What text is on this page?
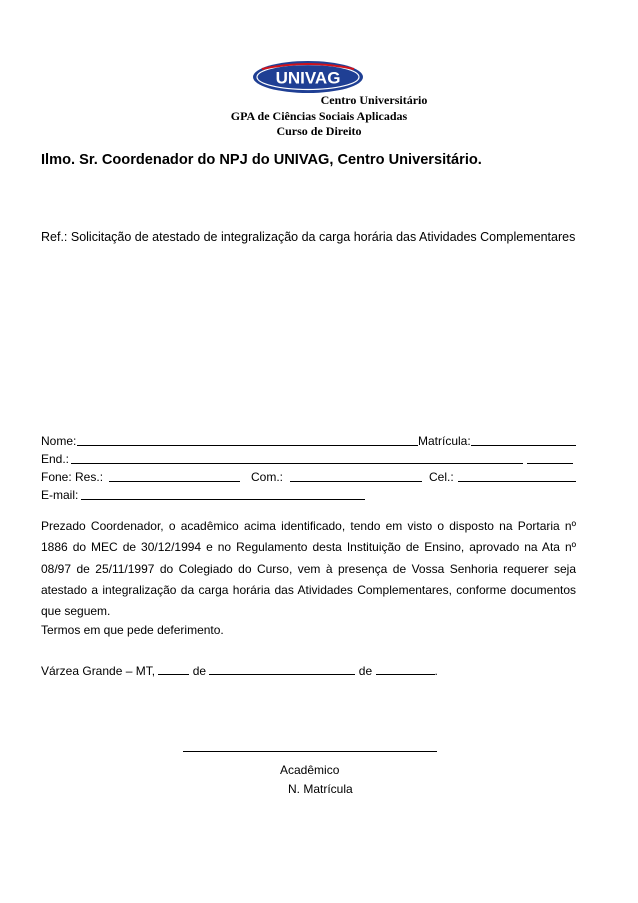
UNIVAG
Centro Universitário
GPA de Ciências Sociais Aplicadas
Curso de Direito
Ilmo. Sr. Coordenador do NPJ do UNIVAG, Centro Universitário.
Ref.: Solicitação de atestado de integralização da carga horária das Atividades Complementares
Nome:	Matrícula:
End.:
Fone: Res.:	Com.:	Cel.:
E-mail:

Prezado Coordenador, o acadêmico acima identificado, tendo em visto o disposto na Portaria nº 1886 do MEC de 30/12/1994 e no Regulamento desta Instituição de Ensino, aprovado na Ata nº 08/97 de 25/11/1997 do Colegiado do Curso, vem à presença de Vossa Senhoria requerer seja atestado a integralização da carga horária das Atividades Complementares, conforme documentos que seguem.

Termos em que pede deferimento.
Várzea Grande – MT,	de	de	.
Acadêmico
N. Matrícula
